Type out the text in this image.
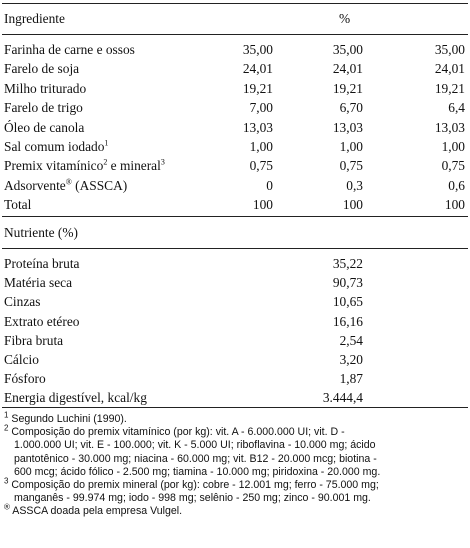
Ingrediente	%
Farinha de carne e ossos	35,00	35,00	35,00
Farelo de soja	24,01	24,01	24,01
Milho triturado	19,21	19,21	19,21
Farelo de trigo	7,00	6,70	6,4
Óleo de canola	13,03	13,03	13,03
Sal comum iodado$^1$	1,00	1,00	1,00
Premix vitamínico$^2$ e mineral$^3$	0,75	0,75	0,75
Adsorvente® (ASSCA)	0	0,3	0,6
Total	100	100	100
Nutriente (%)
Proteína bruta	35,22
Matéria seca	90,73
Cinzas	10,65
Extrato etéreo	16,16
Fibra bruta	2,54
Cálcio	3,20
Fósforo	1,87
Energia digestível, kcal/kg	3.444,4
$^1$ Segundo Luchini (1990).
$^2$ Composição do premix vitamínico (por kg): vit. A - 6.000.000 UI; vit. D -
1.000.000 UI; vit. E - 100.000; vit. K - 5.000 UI; riboflavina - 10.000 mg; ácido
pantotênico - 30.000 mg; niacina - 60.000 mg; vit. B12 - 20.000 mcg; biotina -
600 mcg; ácido fólico - 2.500 mg; tiamina - 10.000 mg; piridoxina - 20.000 mg.
$^3$ Composição do premix mineral (por kg): cobre - 12.001 mg; ferro - 75.000 mg;
manganês - 99.974 mg; iodo - 998 mg; selênio - 250 mg; zinco - 90.001 mg.
® ASSCA doada pela empresa Vulgel.
